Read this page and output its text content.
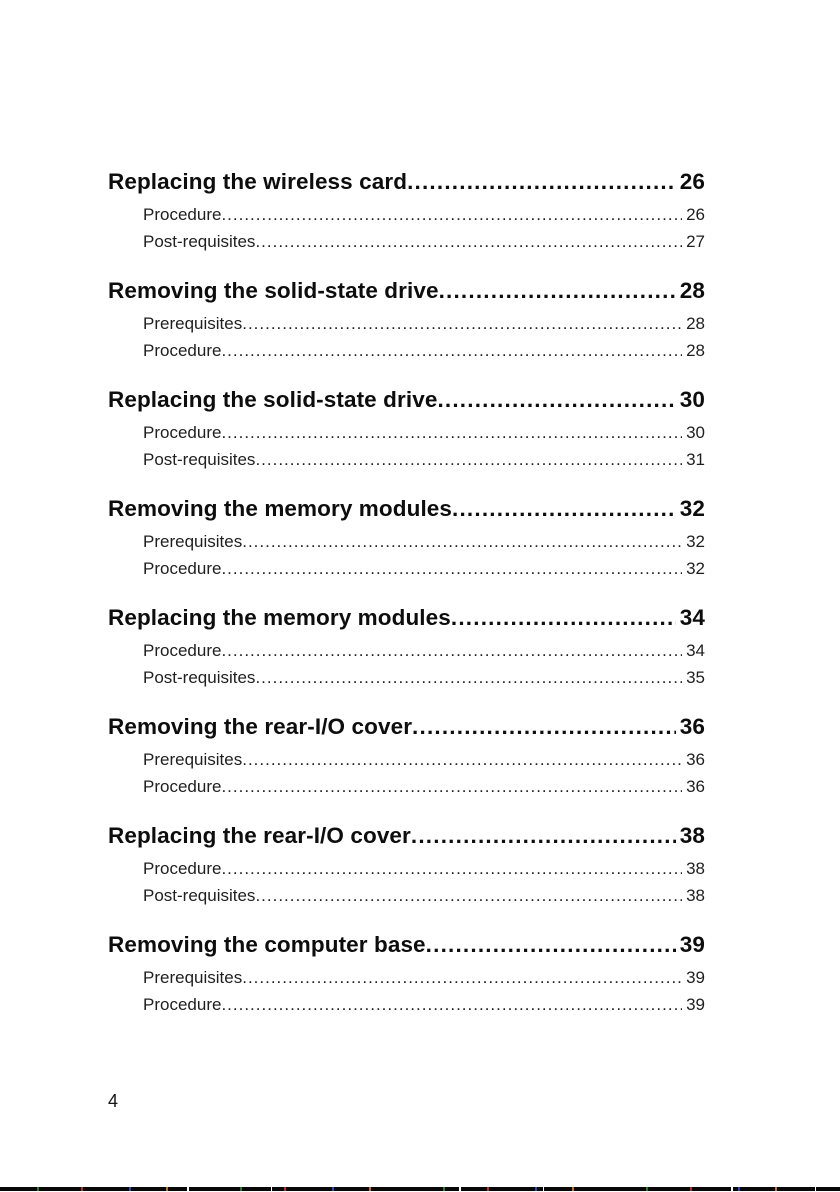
Replacing the wireless card .....	26
Procedure .....	26
Post-requisites .....	27
Removing the solid-state drive .....	28
Prerequisites .....	28
Procedure .....	28
Replacing the solid-state drive .....	30
Procedure .....	30
Post-requisites .....	31
Removing the memory modules .....	32
Prerequisites .....	32
Procedure .....	32
Replacing the memory modules .....	34
Procedure .....	34
Post-requisites .....	35
Removing the rear-I/O cover .....	36
Prerequisites .....	36
Procedure .....	36
Replacing the rear-I/O cover .....	38
Procedure .....	38
Post-requisites .....	38
Removing the computer base .....	39
Prerequisites .....	39
Procedure .....	39
4
